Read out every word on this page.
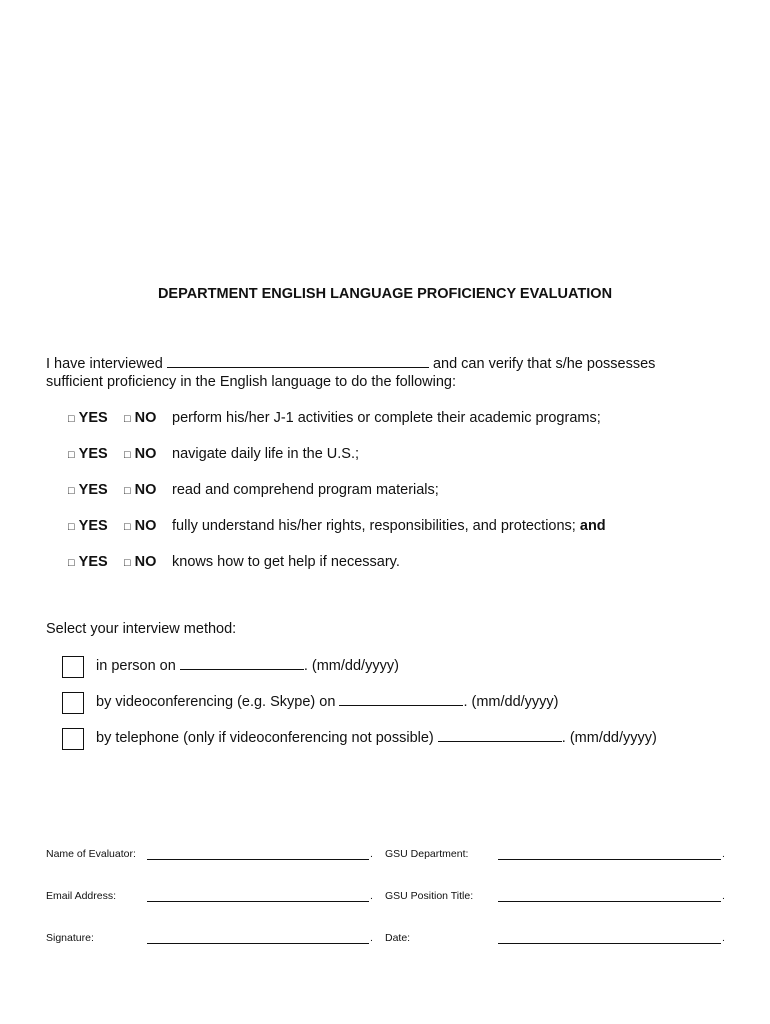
DEPARTMENT ENGLISH LANGUAGE PROFICIENCY EVALUATION
I have interviewed	and can verify that s/he possesses
sufficient proficiency in the English language to do the following:
□ YES □ NO perform his/her J-1 activities or complete their academic programs;
□ YES □ NO navigate daily life in the U.S.;
□ YES □ NO read and comprehend program materials;
□ YES □ NO fully understand his/her rights, responsibilities, and protections; and
□ YES □ NO knows how to get help if necessary.
Select your interview method:
in person on	. (mm/dd/yyyy)
by videoconferencing (e.g. Skype) on	. (mm/dd/yyyy)
by telephone (only if videoconferencing not possible)	. (mm/dd/yyyy)
Name of Evaluator:	. GSU Department:	.
Email Address:	. GSU Position Title:	.
Signature:	. Date:	.
